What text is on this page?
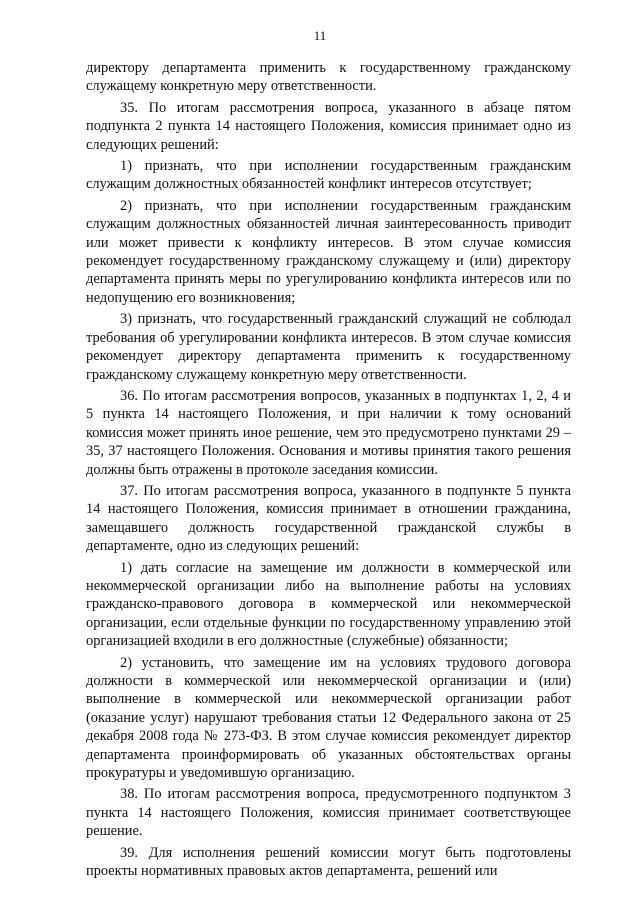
11

директору департамента применить к государственному гражданскому служащему конкретную меру ответственности.

35. По итогам рассмотрения вопроса, указанного в абзаце пятом подпункта 2 пункта 14 настоящего Положения, комиссия принимает одно из следующих решений:

1) признать, что при исполнении государственным гражданским служащим должностных обязанностей конфликт интересов отсутствует;

2) признать, что при исполнении государственным гражданским служащим должностных обязанностей личная заинтересованность приводит или может привести к конфликту интересов. В этом случае комиссия рекомендует государственному гражданскому служащему и (или) директору департамента принять меры по урегулированию конфликта интересов или по недопущению его возникновения;

3) признать, что государственный гражданский служащий не соблюдал требования об урегулировании конфликта интересов. В этом случае комиссия рекомендует директору департамента применить к государственному гражданскому служащему конкретную меру ответственности.

36. По итогам рассмотрения вопросов, указанных в подпунктах 1, 2, 4 и 5 пункта 14 настоящего Положения, и при наличии к тому оснований комиссия может принять иное решение, чем это предусмотрено пунктами 29 – 35, 37 настоящего Положения. Основания и мотивы принятия такого решения должны быть отражены в протоколе заседания комиссии.

37. По итогам рассмотрения вопроса, указанного в подпункте 5 пункта 14 настоящего Положения, комиссия принимает в отношении гражданина, замещавшего должность государственной гражданской службы в департаменте, одно из следующих решений:

1) дать согласие на замещение им должности в коммерческой или некоммерческой организации либо на выполнение работы на условиях гражданско-правового договора в коммерческой или некоммерческой организации, если отдельные функции по государственному управлению этой организацией входили в его должностные (служебные) обязанности;

2) установить, что замещение им на условиях трудового договора должности в коммерческой или некоммерческой организации и (или) выполнение в коммерческой или некоммерческой организации работ (оказание услуг) нарушают требования статьи 12 Федерального закона от 25 декабря 2008 года № 273-ФЗ. В этом случае комиссия рекомендует директор департамента проинформировать об указанных обстоятельствах органы прокуратуры и уведомившую организацию.

38. По итогам рассмотрения вопроса, предусмотренного подпунктом 3 пункта 14 настоящего Положения, комиссия принимает соответствующее решение.

39. Для исполнения решений комиссии могут быть подготовлены проекты нормативных правовых актов департамента, решений или
